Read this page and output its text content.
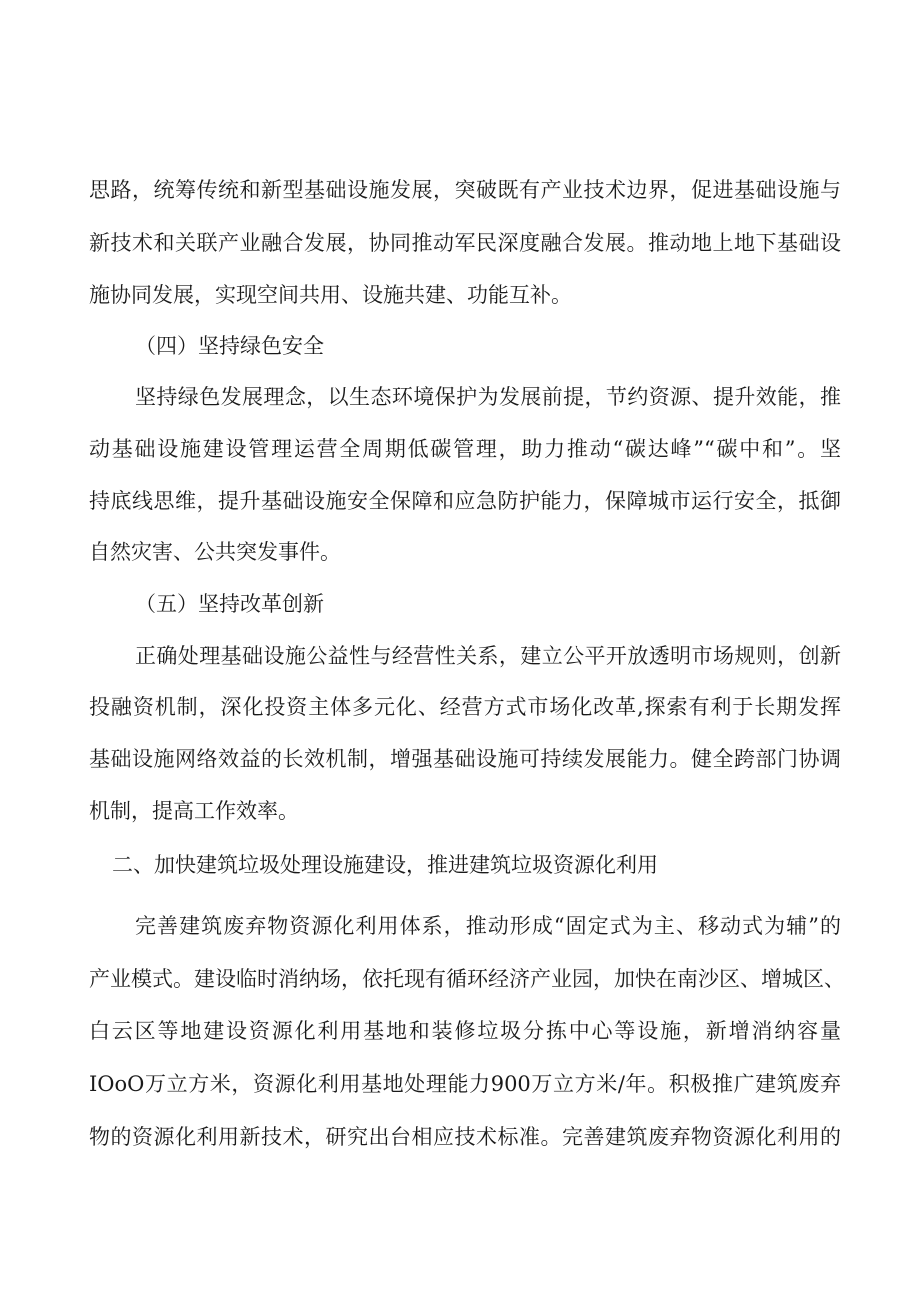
思路，统筹传统和新型基础设施发展，突破既有产业技术边界，促进基础设施与
新技术和关联产业融合发展，协同推动军民深度融合发展。推动地上地下基础设
施协同发展，实现空间共用、设施共建、功能互补。
（四）坚持绿色安全
坚持绿色发展理念，以生态环境保护为发展前提，节约资源、提升效能，推
动基础设施建设管理运营全周期低碳管理，助力推动“碳达峰”“碳中和”。坚
持底线思维，提升基础设施安全保障和应急防护能力，保障城市运行安全，抵御
自然灾害、公共突发事件。
（五）坚持改革创新
正确处理基础设施公益性与经营性关系，建立公平开放透明市场规则，创新
投融资机制，深化投资主体多元化、经营方式市场化改革,探索有利于长期发挥
基础设施网络效益的长效机制，增强基础设施可持续发展能力。健全跨部门协调
机制，提高工作效率。
二、加快建筑垃圾处理设施建设，推进建筑垃圾资源化利用
完善建筑废弃物资源化利用体系，推动形成“固定式为主、移动式为辅”的
产业模式。建设临时消纳场，依托现有循环经济产业园，加快在南沙区、增城区、
白云区等地建设资源化利用基地和装修垃圾分拣中心等设施，新增消纳容量
IOoO万立方米，资源化利用基地处理能力900万立方米/年。积极推广建筑废弃
物的资源化利用新技术，研究出台相应技术标准。完善建筑废弃物资源化利用的
